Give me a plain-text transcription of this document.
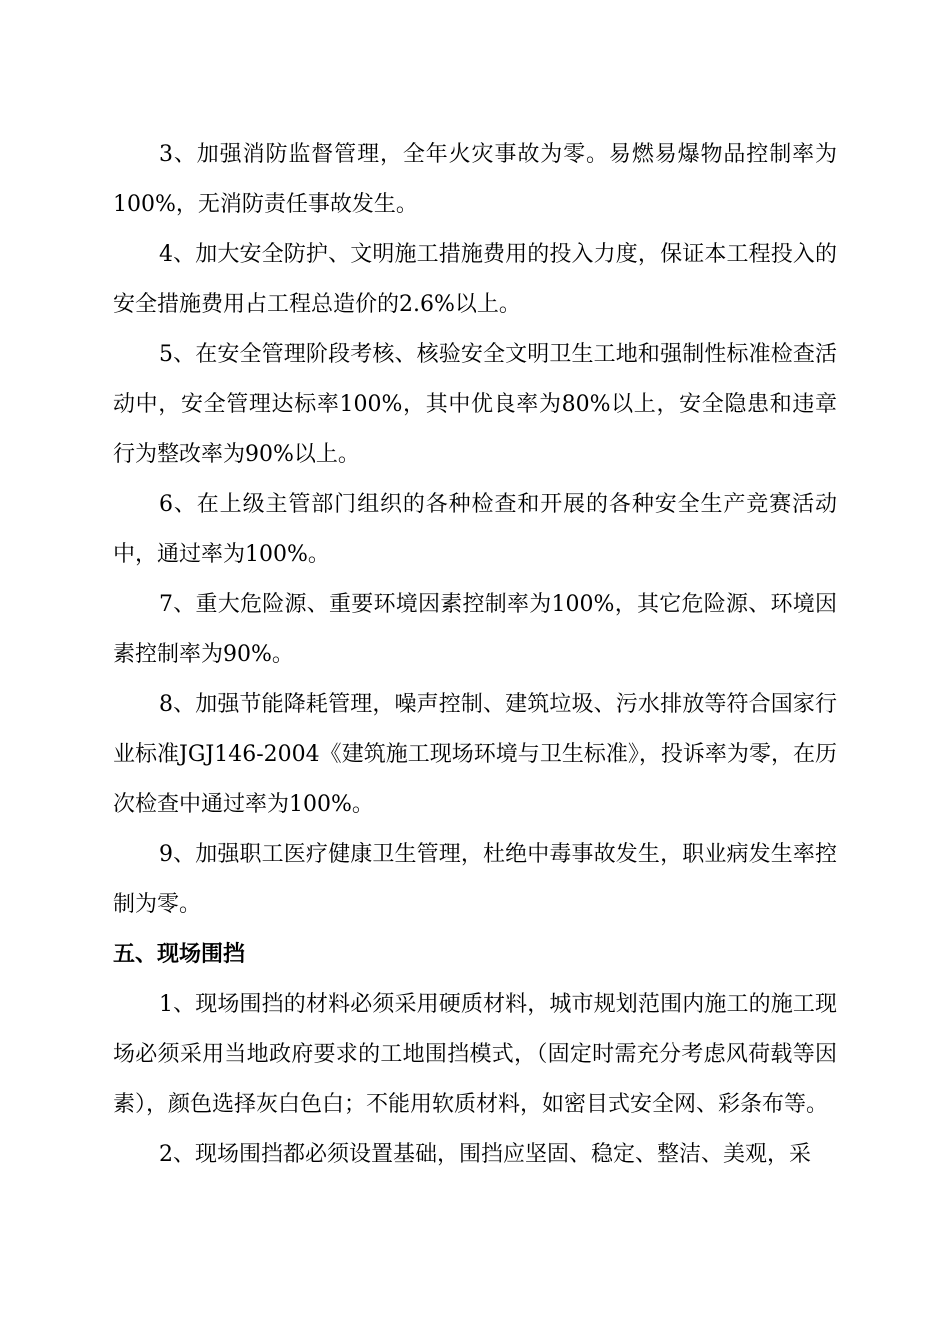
3、加强消防监督管理，全年火灾事故为零。易燃易爆物品控制率为100%，无消防责任事故发生。

4、加大安全防护、文明施工措施费用的投入力度，保证本工程投入的安全措施费用占工程总造价的2.6%以上。

5、在安全管理阶段考核、核验安全文明卫生工地和强制性标准检查活动中，安全管理达标率100%，其中优良率为80%以上，安全隐患和违章行为整改率为90%以上。

6、在上级主管部门组织的各种检查和开展的各种安全生产竞赛活动中，通过率为100%。

7、重大危险源、重要环境因素控制率为100%，其它危险源、环境因素控制率为90%。

8、加强节能降耗管理，噪声控制、建筑垃圾、污水排放等符合国家行业标准JGJ146-2004《建筑施工现场环境与卫生标准》，投诉率为零，在历次检查中通过率为100%。

9、加强职工医疗健康卫生管理，杜绝中毒事故发生，职业病发生率控制为零。

五、现场围挡

1、现场围挡的材料必须采用硬质材料，城市规划范围内施工的施工现场必须采用当地政府要求的工地围挡模式，（固定时需充分考虑风荷载等因素），颜色选择灰白色白；不能用软质材料，如密目式安全网、彩条布等。

2、现场围挡都必须设置基础，围挡应坚固、稳定、整洁、美观，采
